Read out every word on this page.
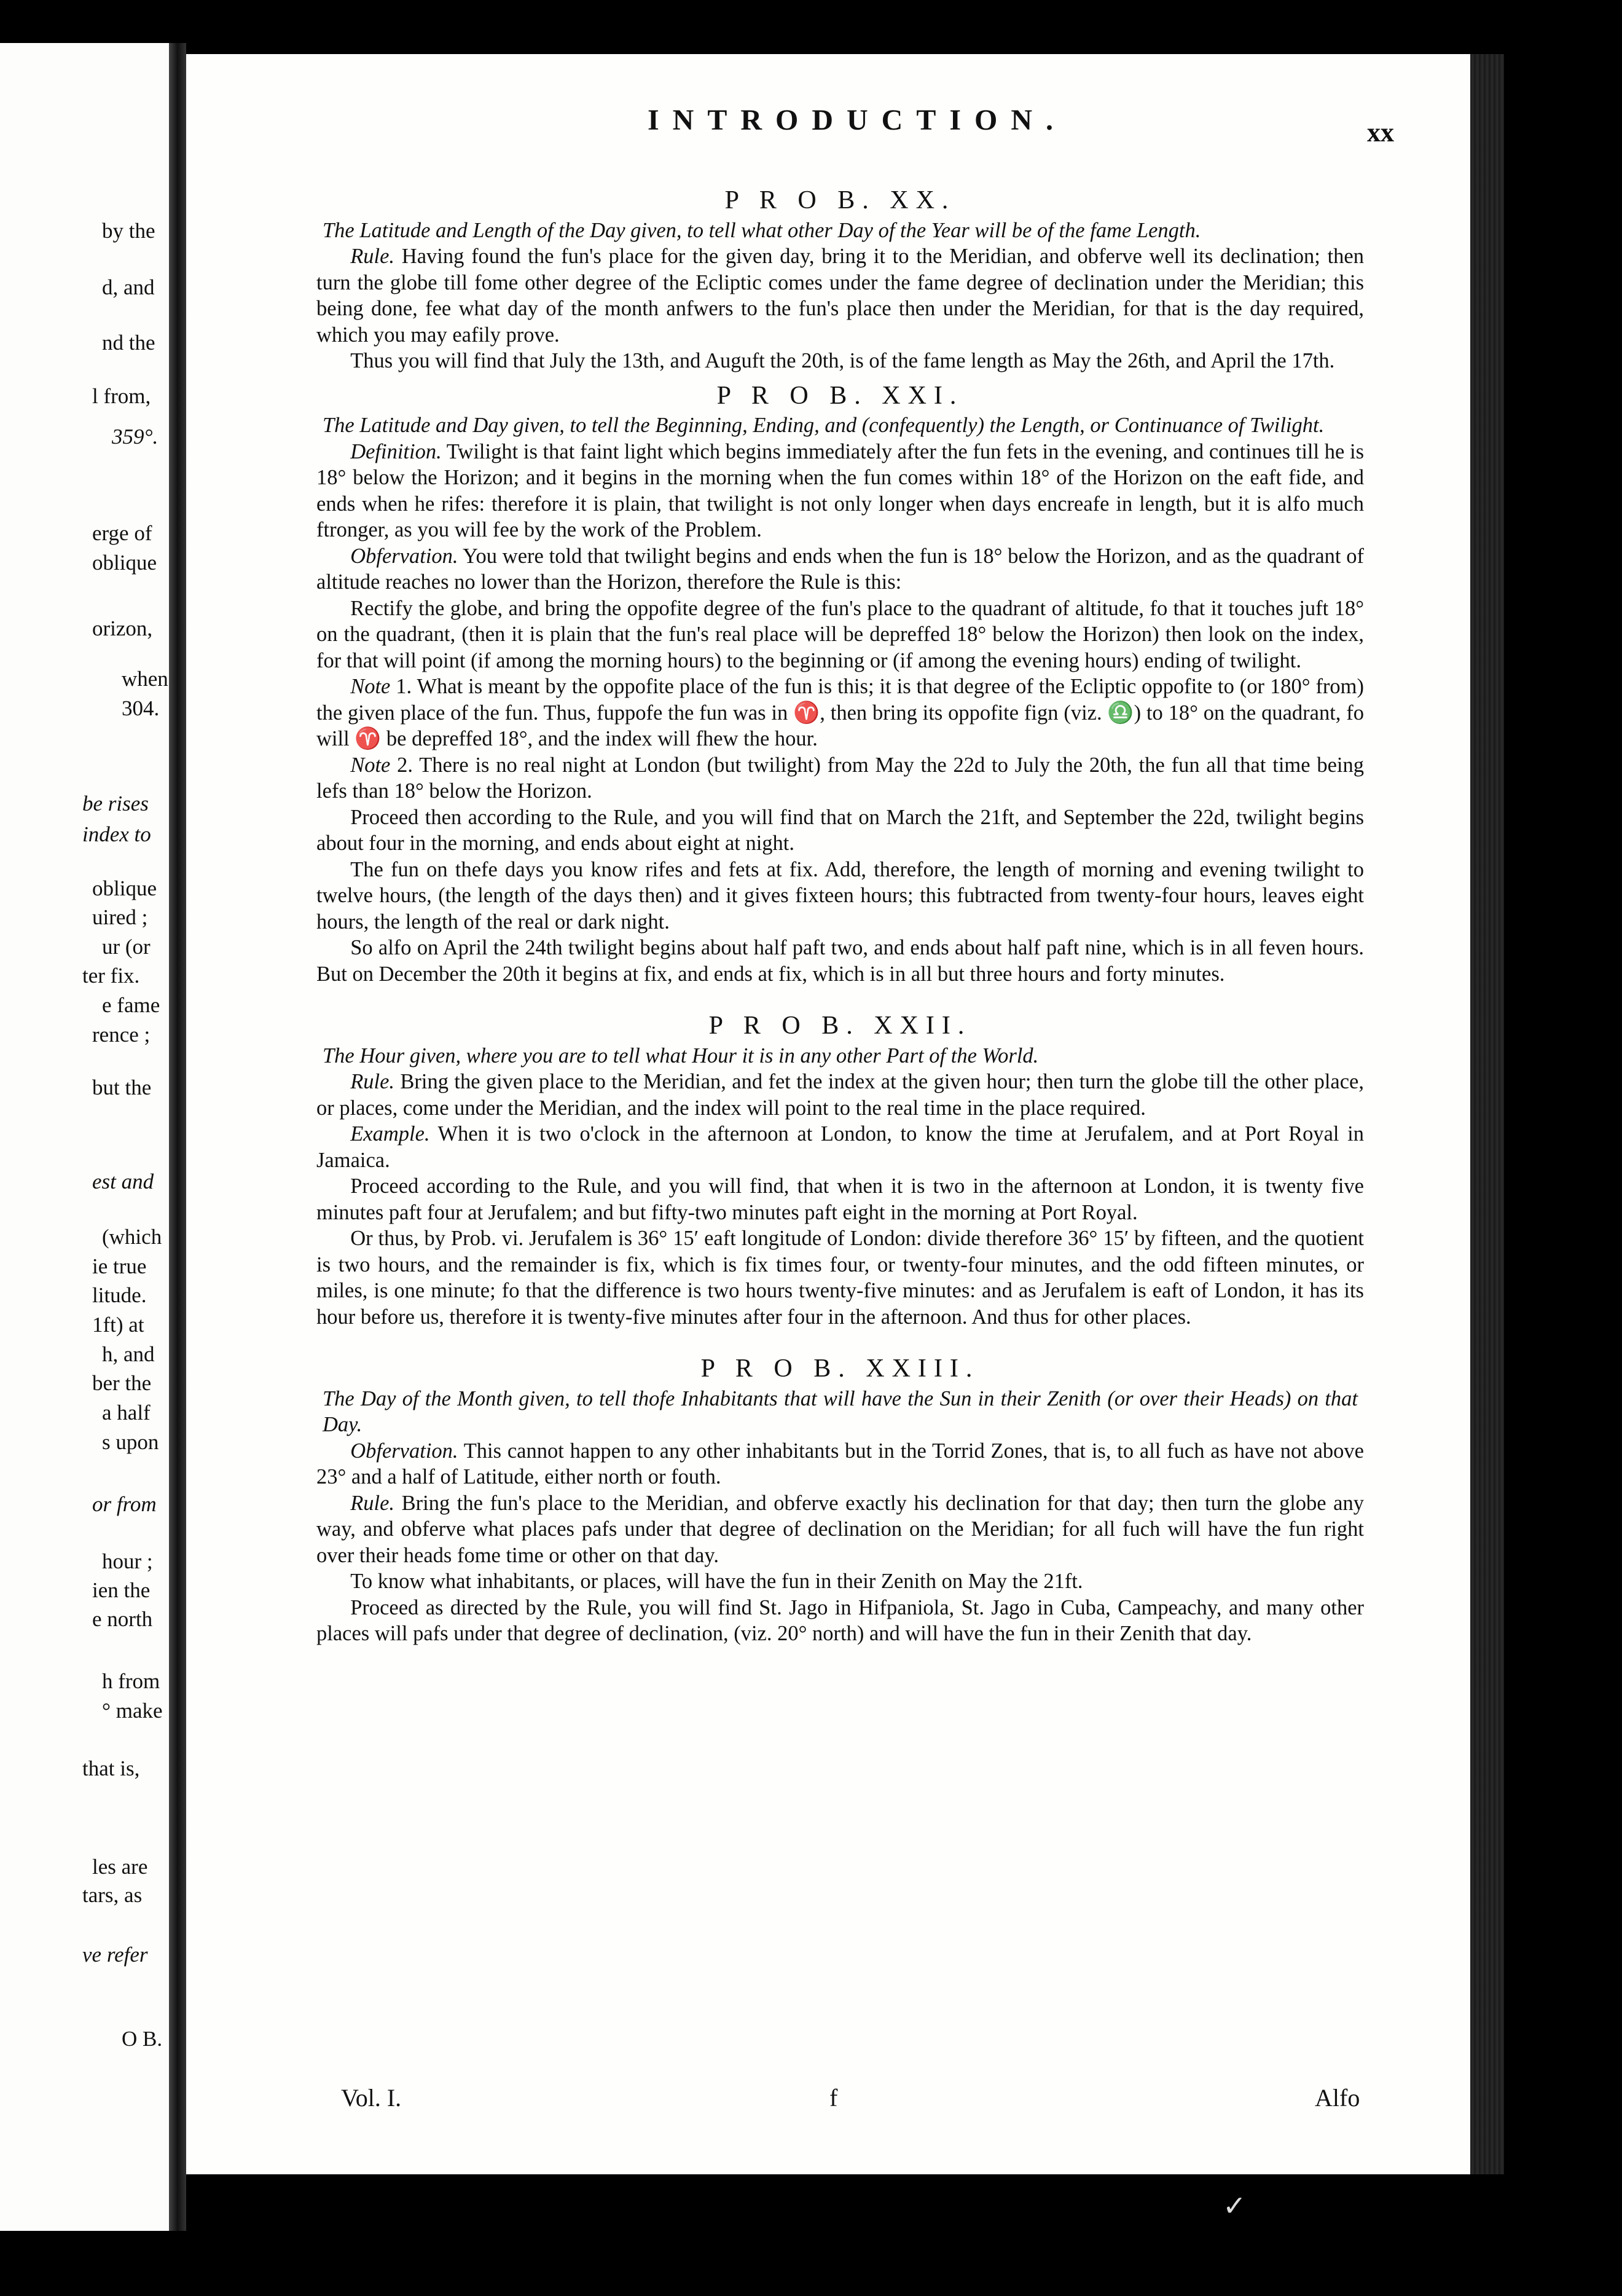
by the
d, and
nd the
l from,
359°.
erge of
oblique
orizon,
when
304.
be rises
index to
oblique
uired ;
ur (or
ter fix.
e fame
rence ;
but the
est and
(which
ie true
litude.
1ft) at
h, and
ber the
a half
s upon
or from
hour ;
ien the
e north
h from
° make
that is,
les are
tars, as
ve refer
O B.
INTRODUCTION.	xx
P R O B. XX.

The Latitude and Length of the Day given, to tell what other Day of the Year will be of the fame Length.

Rule. Having found the fun's place for the given day, bring it to the Meridian, and obferve well its declination; then turn the globe till fome other degree of the Ecliptic comes under the fame degree of declination under the Meridian; this being done, fee what day of the month anfwers to the fun's place then under the Meridian, for that is the day required, which you may eafily prove.

Thus you will find that July the 13th, and Auguft the 20th, is of the fame length as May the 26th, and April the 17th.

P R O B. XXI.

The Latitude and Day given, to tell the Beginning, Ending, and (confequently) the Length, or Continuance of Twilight.

Definition. Twilight is that faint light which begins immediately after the fun fets in the evening, and continues till he is 18° below the Horizon; and it begins in the morning when the fun comes within 18° of the Horizon on the eaft fide, and ends when he rifes: therefore it is plain, that twilight is not only longer when days encreafe in length, but it is alfo much ftronger, as you will fee by the work of the Problem.

Obfervation. You were told that twilight begins and ends when the fun is 18° below the Horizon, and as the quadrant of altitude reaches no lower than the Horizon, therefore the Rule is this:

Rectify the globe, and bring the oppofite degree of the fun's place to the quadrant of altitude, fo that it touches juft 18° on the quadrant, (then it is plain that the fun's real place will be depreffed 18° below the Horizon) then look on the index, for that will point (if among the morning hours) to the beginning or (if among the evening hours) ending of twilight.

Note 1. What is meant by the oppofite place of the fun is this; it is that degree of the Ecliptic oppofite to (or 180° from) the given place of the fun. Thus, fuppofe the fun was in ♈, then bring its oppofite fign (viz. ♎) to 18° on the quadrant, fo will ♈ be depreffed 18°, and the index will fhew the hour.

Note 2. There is no real night at London (but twilight) from May the 22d to July the 20th, the fun all that time being lefs than 18° below the Horizon.

Proceed then according to the Rule, and you will find that on March the 21ft, and September the 22d, twilight begins about four in the morning, and ends about eight at night.

The fun on thefe days you know rifes and fets at fix. Add, therefore, the length of morning and evening twilight to twelve hours, (the length of the days then) and it gives fixteen hours; this fubtracted from twenty-four hours, leaves eight hours, the length of the real or dark night.

So alfo on April the 24th twilight begins about half paft two, and ends about half paft nine, which is in all feven hours. But on December the 20th it begins at fix, and ends at fix, which is in all but three hours and forty minutes.

P R O B. XXII.

The Hour given, where you are to tell what Hour it is in any other Part of the World.

Rule. Bring the given place to the Meridian, and fet the index at the given hour; then turn the globe till the other place, or places, come under the Meridian, and the index will point to the real time in the place required.

Example. When it is two o'clock in the afternoon at London, to know the time at Jerufalem, and at Port Royal in Jamaica.

Proceed according to the Rule, and you will find, that when it is two in the afternoon at London, it is twenty five minutes paft four at Jerufalem; and but fifty-two minutes paft eight in the morning at Port Royal.

Or thus, by Prob. vi. Jerufalem is 36° 15′ eaft longitude of London: divide therefore 36° 15′ by fifteen, and the quotient is two hours, and the remainder is fix, which is fix times four, or twenty-four minutes, and the odd fifteen minutes, or miles, is one minute; fo that the difference is two hours twenty-five minutes: and as Jerufalem is eaft of London, it has its hour before us, therefore it is twenty-five minutes after four in the afternoon. And thus for other places.

P R O B. XXIII.

The Day of the Month given, to tell thofe Inhabitants that will have the Sun in their Zenith (or over their Heads) on that Day.

Obfervation. This cannot happen to any other inhabitants but in the Torrid Zones, that is, to all fuch as have not above 23° and a half of Latitude, either north or fouth.

Rule. Bring the fun's place to the Meridian, and obferve exactly his declination for that day; then turn the globe any way, and obferve what places pafs under that degree of declination on the Meridian; for all fuch will have the fun right over their heads fome time or other on that day.

To know what inhabitants, or places, will have the fun in their Zenith on May the 21ft.

Proceed as directed by the Rule, you will find St. Jago in Hifpaniola, St. Jago in Cuba, Campeachy, and many other places will pafs under that degree of declination, (viz. 20° north) and will have the fun in their Zenith that day.

Vol. I.	f	Alfo
✓
